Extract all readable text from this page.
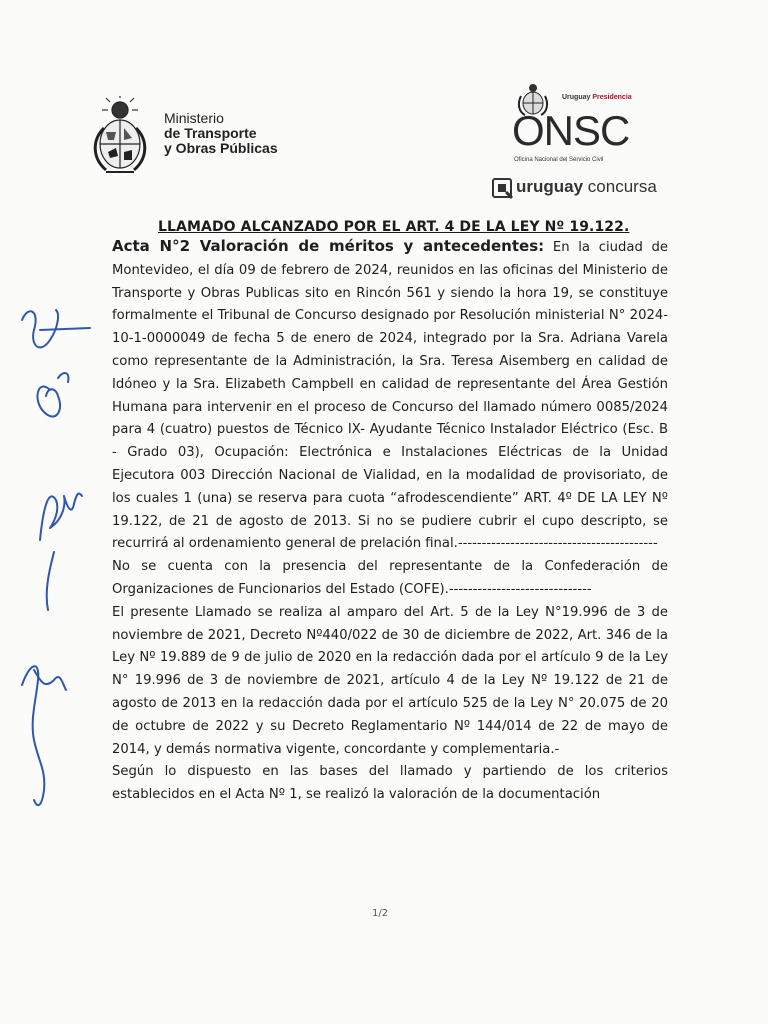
Ministerio
de Transporte
y Obras Públicas
Uruguay Presidencia
ONSC
Oficina Nacional del Servicio Civil
uruguay concursa
LLAMADO ALCANZADO POR EL ART. 4 DE LA LEY Nº 19.122.

Acta N°2 Valoración de méritos y antecedentes: En la ciudad de Montevideo, el día 09 de febrero de 2024, reunidos en las oficinas del Ministerio de Transporte y Obras Publicas sito en Rincón 561 y siendo la hora 19, se constituye formalmente el Tribunal de Concurso designado por Resolución ministerial N° 2024-10-1-0000049 de fecha 5 de enero de 2024, integrado por la Sra. Adriana Varela como representante de la Administración, la Sra. Teresa Aisemberg en calidad de Idóneo y la Sra. Elizabeth Campbell en calidad de representante del Área Gestión Humana para intervenir en el proceso de Concurso del llamado número 0085/2024 para 4 (cuatro) puestos de Técnico IX- Ayudante Técnico Instalador Eléctrico (Esc. B - Grado 03), Ocupación: Electrónica e Instalaciones Eléctricas de la Unidad Ejecutora 003 Dirección Nacional de Vialidad, en la modalidad de provisoriato, de los cuales 1 (una) se reserva para cuota “afrodescendiente” ART. 4º DE LA LEY Nº 19.122, de 21 de agosto de 2013. Si no se pudiere cubrir el cupo descripto, se recurrirá al ordenamiento general de prelación final.------------------------------------------

No se cuenta con la presencia del representante de la Confederación de Organizaciones de Funcionarios del Estado (COFE).------------------------------

El presente Llamado se realiza al amparo del Art. 5 de la Ley N°19.996 de 3 de noviembre de 2021, Decreto Nº440/022 de 30 de diciembre de 2022, Art. 346 de la Ley Nº 19.889 de 9 de julio de 2020 en la redacción dada por el artículo 9 de la Ley N° 19.996 de 3 de noviembre de 2021, artículo 4 de la Ley Nº 19.122 de 21 de agosto de 2013 en la redacción dada por el artículo 525 de la Ley N° 20.075 de 20 de octubre de 2022 y su Decreto Reglamentario Nº 144/014 de 22 de mayo de 2014, y demás normativa vigente, concordante y complementaria.-

Según lo dispuesto en las bases del llamado y partiendo de los criterios establecidos en el Acta Nº 1, se realizó la valoración de la documentación

1/2
